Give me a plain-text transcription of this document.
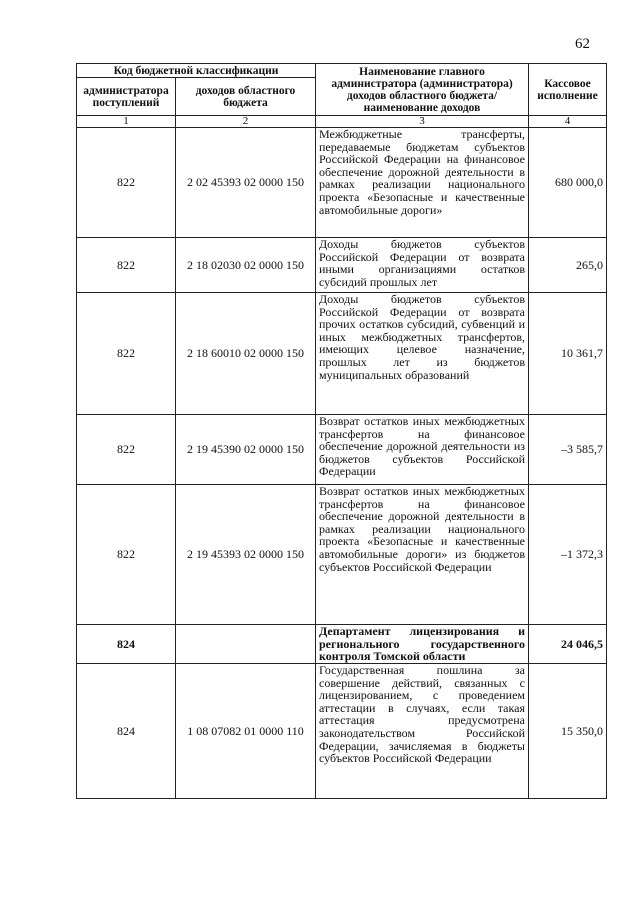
62
Код бюджетной классификации		Наименование главного администратора (администратора) доходов областного бюджета/ наименование доходов	Кассовое исполнение
администратора поступлений	доходов областного бюджета		
1	2	3	4
822	2 02 45393 02 0000 150	Межбюджетные трансферты, передаваемые бюджетам субъектов Российской Федерации на финансовое обеспечение дорожной деятельности в рамках реализации национального проекта «Безопасные и качественные автомобильные дороги»	680 000,0
822	2 18 02030 02 0000 150	Доходы бюджетов субъектов Российской Федерации от возврата иными организациями остатков субсидий прошлых лет	265,0
822	2 18 60010 02 0000 150	Доходы бюджетов субъектов Российской Федерации от возврата прочих остатков субсидий, субвенций и иных межбюджетных трансфертов, имеющих целевое назначение, прошлых лет из бюджетов муниципальных образований	10 361,7
822	2 19 45390 02 0000 150	Возврат остатков иных межбюджетных трансфертов на финансовое обеспечение дорожной деятельности из бюджетов субъектов Российской Федерации	–3 585,7
822	2 19 45393 02 0000 150	Возврат остатков иных межбюджетных трансфертов на финансовое обеспечение дорожной деятельности в рамках реализации национального проекта «Безопасные и качественные автомобильные дороги» из бюджетов субъектов Российской Федерации	–1 372,3
824		Департамент лицензирования и регионального государственного контроля Томской области	24 046,5
824	1 08 07082 01 0000 110	Государственная пошлина за совершение действий, связанных с лицензированием, с проведением аттестации в случаях, если такая аттестация предусмотрена законодательством Российской Федерации, зачисляемая в бюджеты субъектов Российской Федерации	15 350,0
